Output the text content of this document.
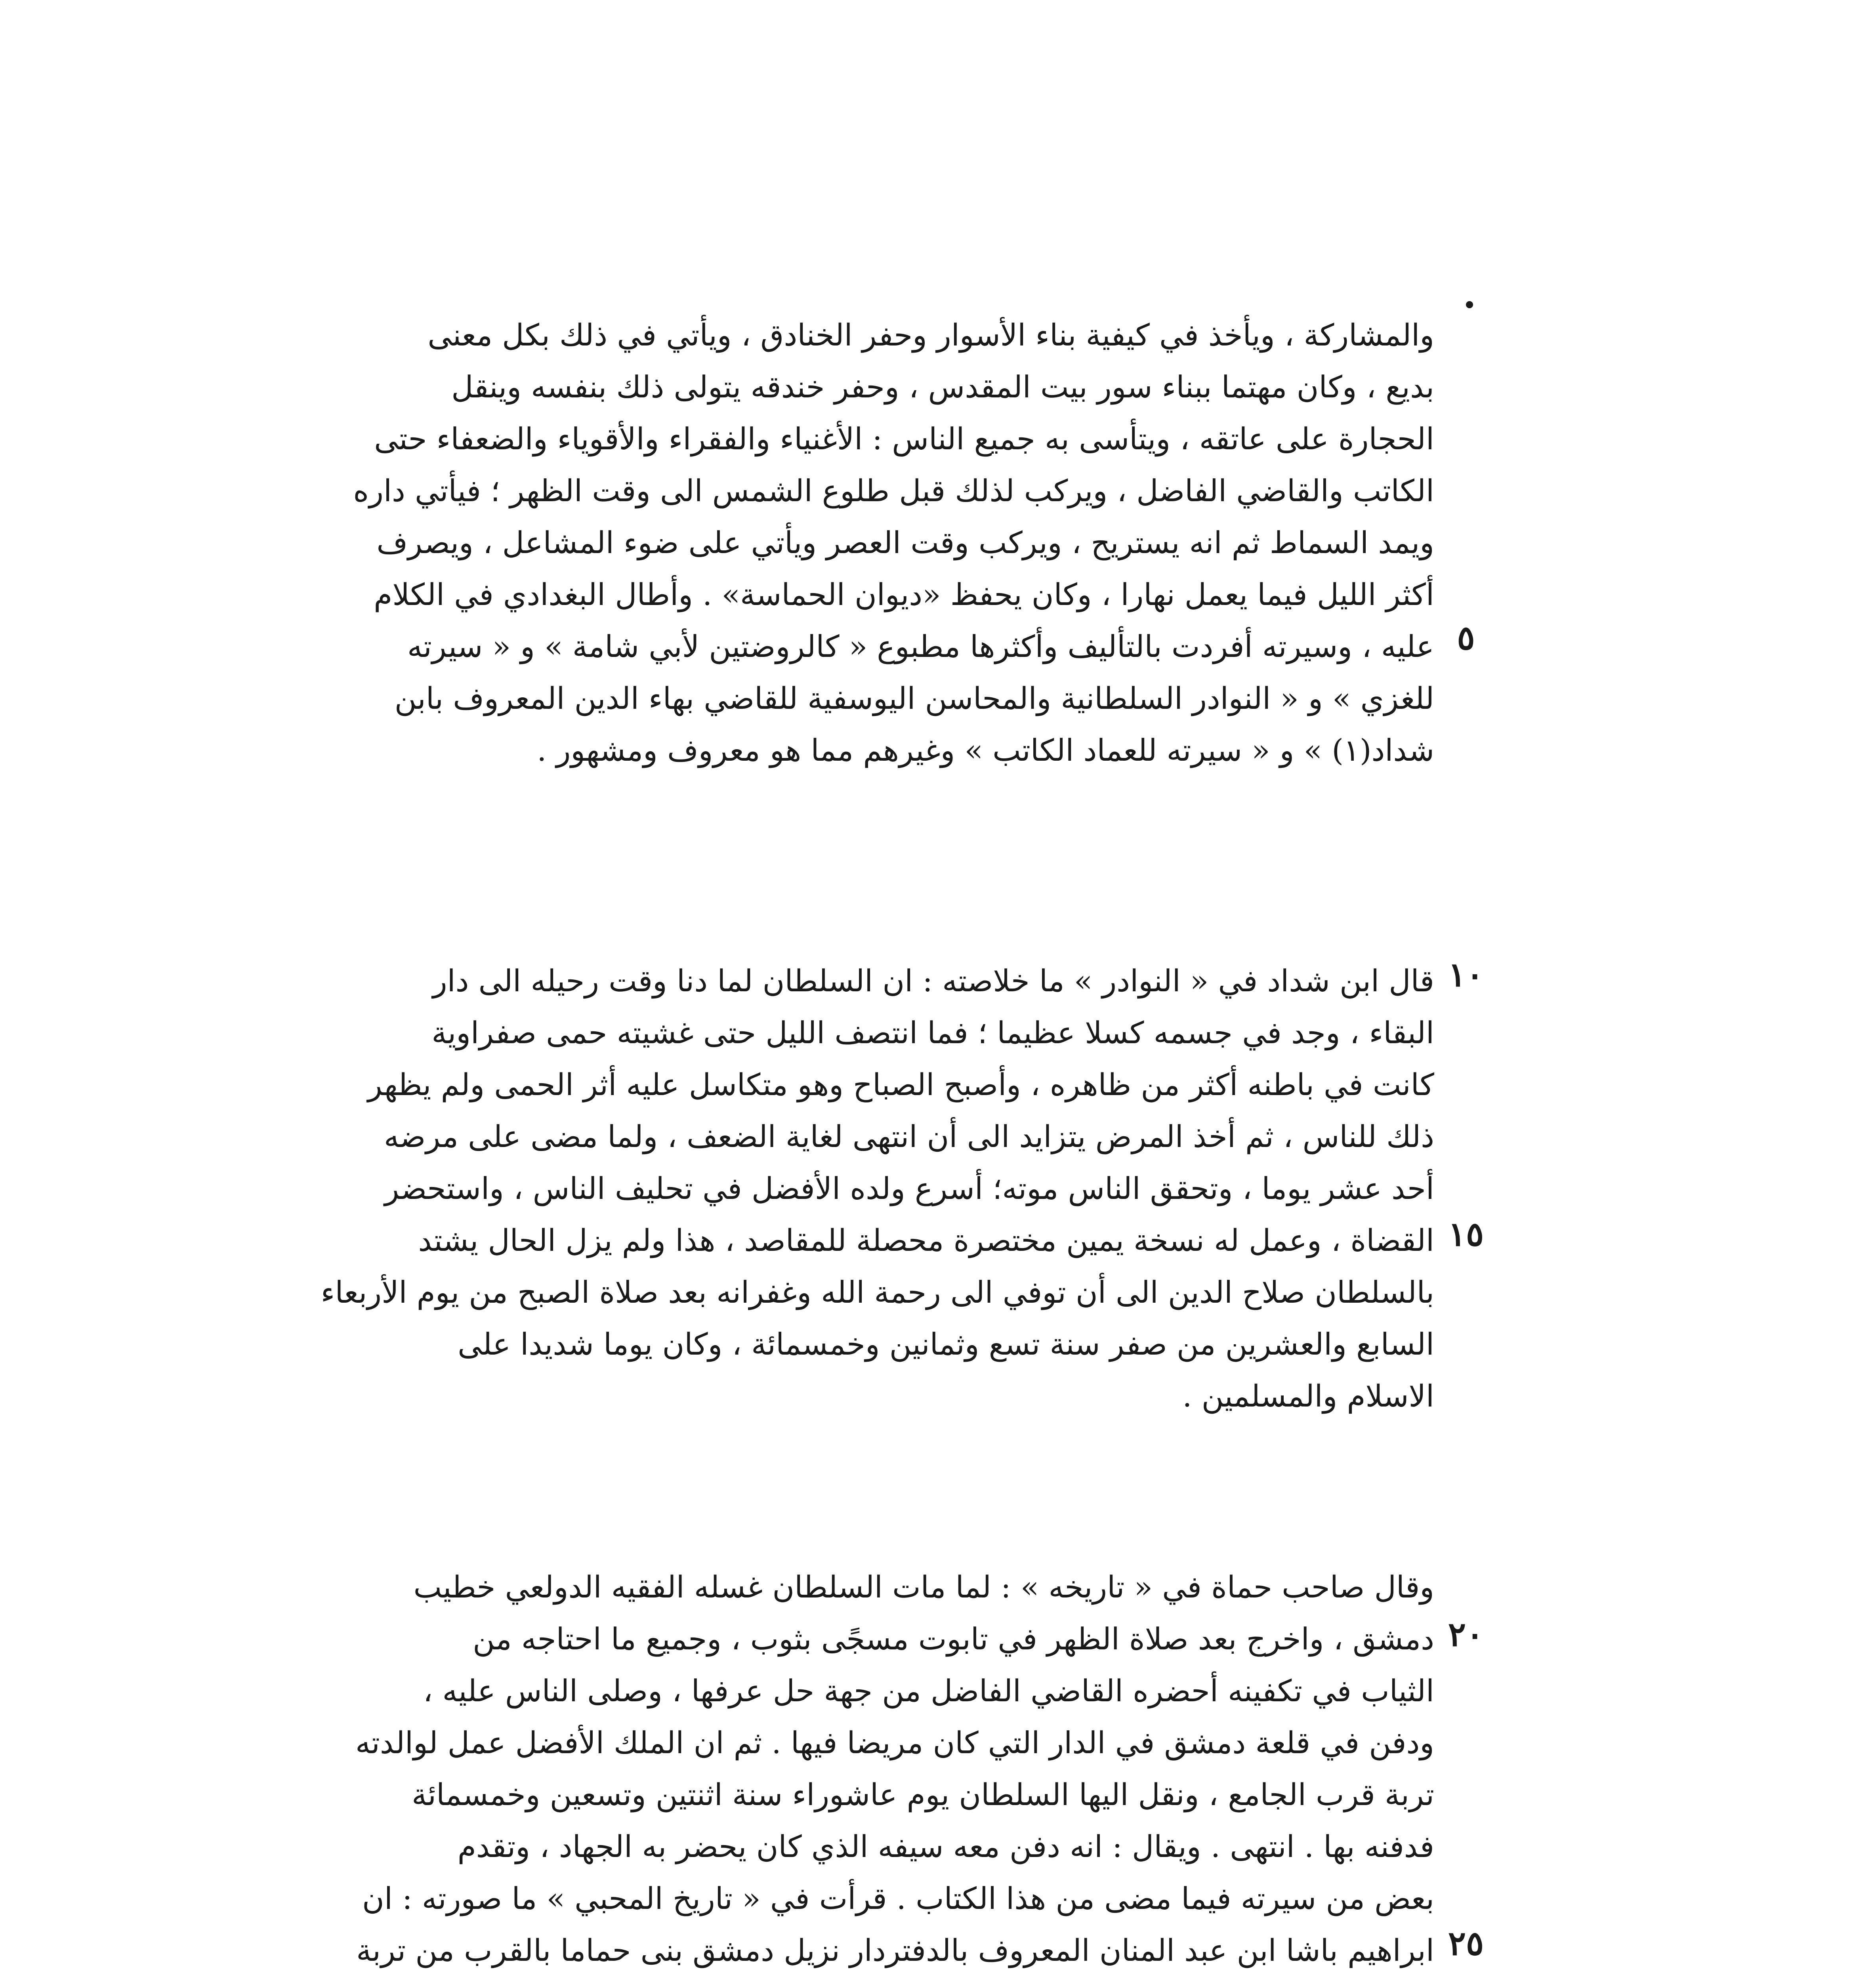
والمشاركة ، ويأخذ في كيفية بناء الأسوار وحفر الخنادق ، ويأتي في ذلك بكل معنى
بديع ، وكان مهتما ببناء سور بيت المقدس ، وحفر خندقه يتولى ذلك بنفسه وينقل
الحجارة على عاتقه ، ويتأسى به جميع الناس : الأغنياء والفقراء والأقوياء والضعفاء حتى
الكاتب والقاضي الفاضل ، ويركب لذلك قبل طلوع الشمس الى وقت الظهر ؛ فيأتي داره
ويمد السماط ثم انه يستريح ، ويركب وقت العصر ويأتي على ضوء المشاعل ، ويصرف
أكثر الليل فيما يعمل نهارا ، وكان يحفظ «ديوان الحماسة» . وأطال البغدادي في الكلام
عليه ، وسيرته أفردت بالتأليف وأكثرها مطبوع « كالروضتين لأبي شامة » و « سيرته
للغزي » و « النوادر السلطانية والمحاسن اليوسفية للقاضي بهاء الدين المعروف بابن
شداد(١) » و « سيرته للعماد الكاتب » وغيرهم مما هو معروف ومشهور .
قال ابن شداد في « النوادر » ما خلاصته : ان السلطان لما دنا وقت رحيله الى دار
البقاء ، وجد في جسمه كسلا عظيما ؛ فما انتصف الليل حتى غشيته حمى صفراوية
كانت في باطنه أكثر من ظاهره ، وأصبح الصباح وهو متكاسل عليه أثر الحمى ولم يظهر
ذلك للناس ، ثم أخذ المرض يتزايد الى أن انتهى لغاية الضعف ، ولما مضى على مرضه
أحد عشر يوما ، وتحقق الناس موته؛ أسرع ولده الأفضل في تحليف الناس ، واستحضر
القضاة ، وعمل له نسخة يمين مختصرة محصلة للمقاصد ، هذا ولم يزل الحال يشتد
بالسلطان صلاح الدين الى أن توفي الى رحمة الله وغفرانه بعد صلاة الصبح من يوم الأربعاء
السابع والعشرين من صفر سنة تسع وثمانين وخمسمائة ، وكان يوما شديدا على
الاسلام والمسلمين .
وقال صاحب حماة في « تاريخه » : لما مات السلطان غسله الفقيه الدولعي خطيب
دمشق ، واخرج بعد صلاة الظهر في تابوت مسجًى بثوب ، وجميع ما احتاجه من
الثياب في تكفينه أحضره القاضي الفاضل من جهة حل عرفها ، وصلى الناس عليه ،
ودفن في قلعة دمشق في الدار التي كان مريضا فيها . ثم ان الملك الأفضل عمل لوالدته
تربة قرب الجامع ، ونقل اليها السلطان يوم عاشوراء سنة اثنتين وتسعين وخمسمائة
فدفنه بها . انتهى . ويقال : انه دفن معه سيفه الذي كان يحضر به الجهاد ، وتقدم
بعض من سيرته فيما مضى من هذا الكتاب . قرأت في « تاريخ المحبي » ما صورته : ان
ابراهيم باشا ابن عبد المنان المعروف بالدفتردار نزيل دمشق بنى حماما بالقرب من تربة
٥
١٠
١٥
٢٠
٢٥
